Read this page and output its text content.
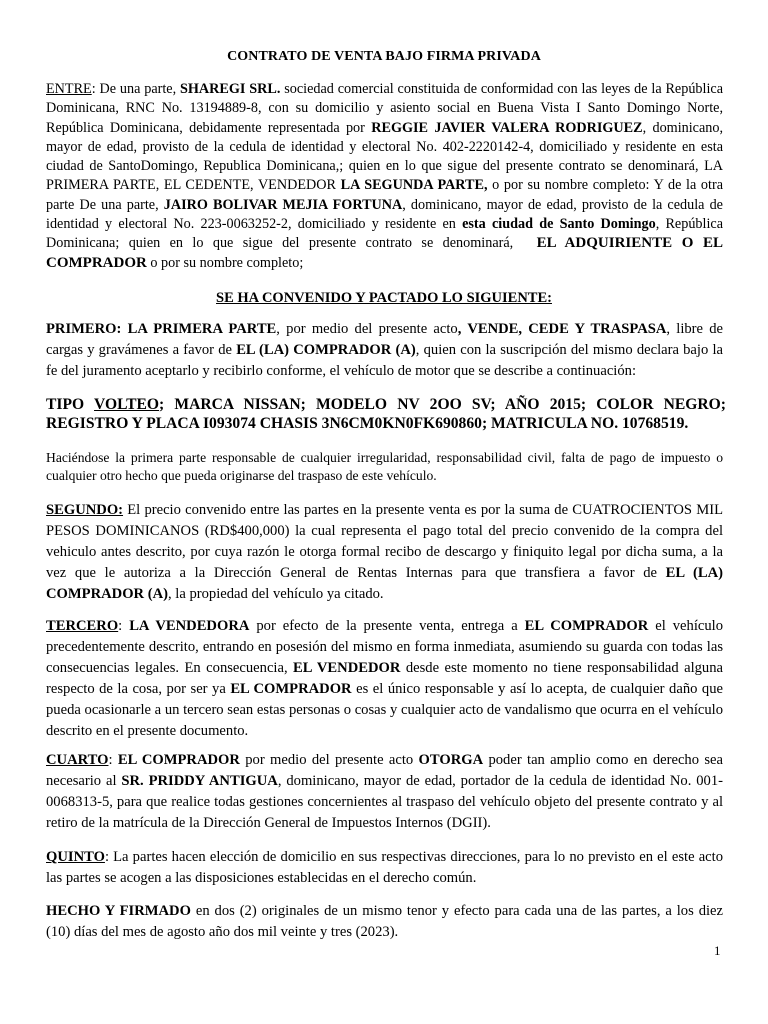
CONTRATO DE VENTA BAJO FIRMA PRIVADA
ENTRE: De una parte, SHAREGI SRL. sociedad comercial constituida de conformidad con las leyes de la República Dominicana, RNC No. 13194889-8, con su domicilio y asiento social en Buena Vista I Santo Domingo Norte, República Dominicana, debidamente representada por REGGIE JAVIER VALERA RODRIGUEZ, dominicano, mayor de edad, provisto de la cedula de identidad y electoral No. 402-2220142-4, domiciliado y residente en esta ciudad de SantoDomingo, Republica Dominicana,; quien en lo que sigue del presente contrato se denominará, LA PRIMERA PARTE, EL CEDENTE, VENDEDOR LA SEGUNDA PARTE, o por su nombre completo: Y de la otra parte De una parte, JAIRO BOLIVAR MEJIA FORTUNA, dominicano, mayor de edad, provisto de la cedula de identidad y electoral No. 223-0063252-2, domiciliado y residente en esta ciudad de Santo Domingo, República Dominicana; quien en lo que sigue del presente contrato se denominará, EL ADQUIRIENTE O EL COMPRADOR o por su nombre completo;
SE HA CONVENIDO Y PACTADO LO SIGUIENTE:
PRIMERO: LA PRIMERA PARTE, por medio del presente acto, VENDE, CEDE Y TRASPASA, libre de cargas y gravámenes a favor de EL (LA) COMPRADOR (A), quien con la suscripción del mismo declara bajo la fe del juramento aceptarlo y recibirlo conforme, el vehículo de motor que se describe a continuación:
TIPO VOLTEO; MARCA NISSAN; MODELO NV 2OO SV; AÑO 2015; COLOR NEGRO; REGISTRO Y PLACA I093074 CHASIS 3N6CM0KN0FK690860; MATRICULA NO. 10768519.
Haciéndose la primera parte responsable de cualquier irregularidad, responsabilidad civil, falta de pago de impuesto o cualquier otro hecho que pueda originarse del traspaso de este vehículo.
SEGUNDO: El precio convenido entre las partes en la presente venta es por la suma de CUATROCIENTOS MIL PESOS DOMINICANOS (RD$400,000) la cual representa el pago total del precio convenido de la compra del vehiculo antes descrito, por cuya razón le otorga formal recibo de descargo y finiquito legal por dicha suma, a la vez que le autoriza a la Dirección General de Rentas Internas para que transfiera a favor de EL (LA) COMPRADOR (A), la propiedad del vehículo ya citado.
TERCERO: LA VENDEDORA por efecto de la presente venta, entrega a EL COMPRADOR el vehículo precedentemente descrito, entrando en posesión del mismo en forma inmediata, asumiendo su guarda con todas las consecuencias legales. En consecuencia, EL VENDEDOR desde este momento no tiene responsabilidad alguna respecto de la cosa, por ser ya EL COMPRADOR es el único responsable y así lo acepta, de cualquier daño que pueda ocasionarle a un tercero sean estas personas o cosas y cualquier acto de vandalismo que ocurra en el vehículo descrito en el presente documento.
CUARTO: EL COMPRADOR por medio del presente acto OTORGA poder tan amplio como en derecho sea necesario al SR. PRIDDY ANTIGUA, dominicano, mayor de edad, portador de la cedula de identidad No. 001-0068313-5, para que realice todas gestiones concernientes al traspaso del vehículo objeto del presente contrato y al retiro de la matrícula de la Dirección General de Impuestos Internos (DGII).
QUINTO: La partes hacen elección de domicilio en sus respectivas direcciones, para lo no previsto en el este acto las partes se acogen a las disposiciones establecidas en el derecho común.
HECHO Y FIRMADO en dos (2) originales de un mismo tenor y efecto para cada una de las partes, a los diez (10) días del mes de agosto año dos mil veinte y tres (2023).
1
